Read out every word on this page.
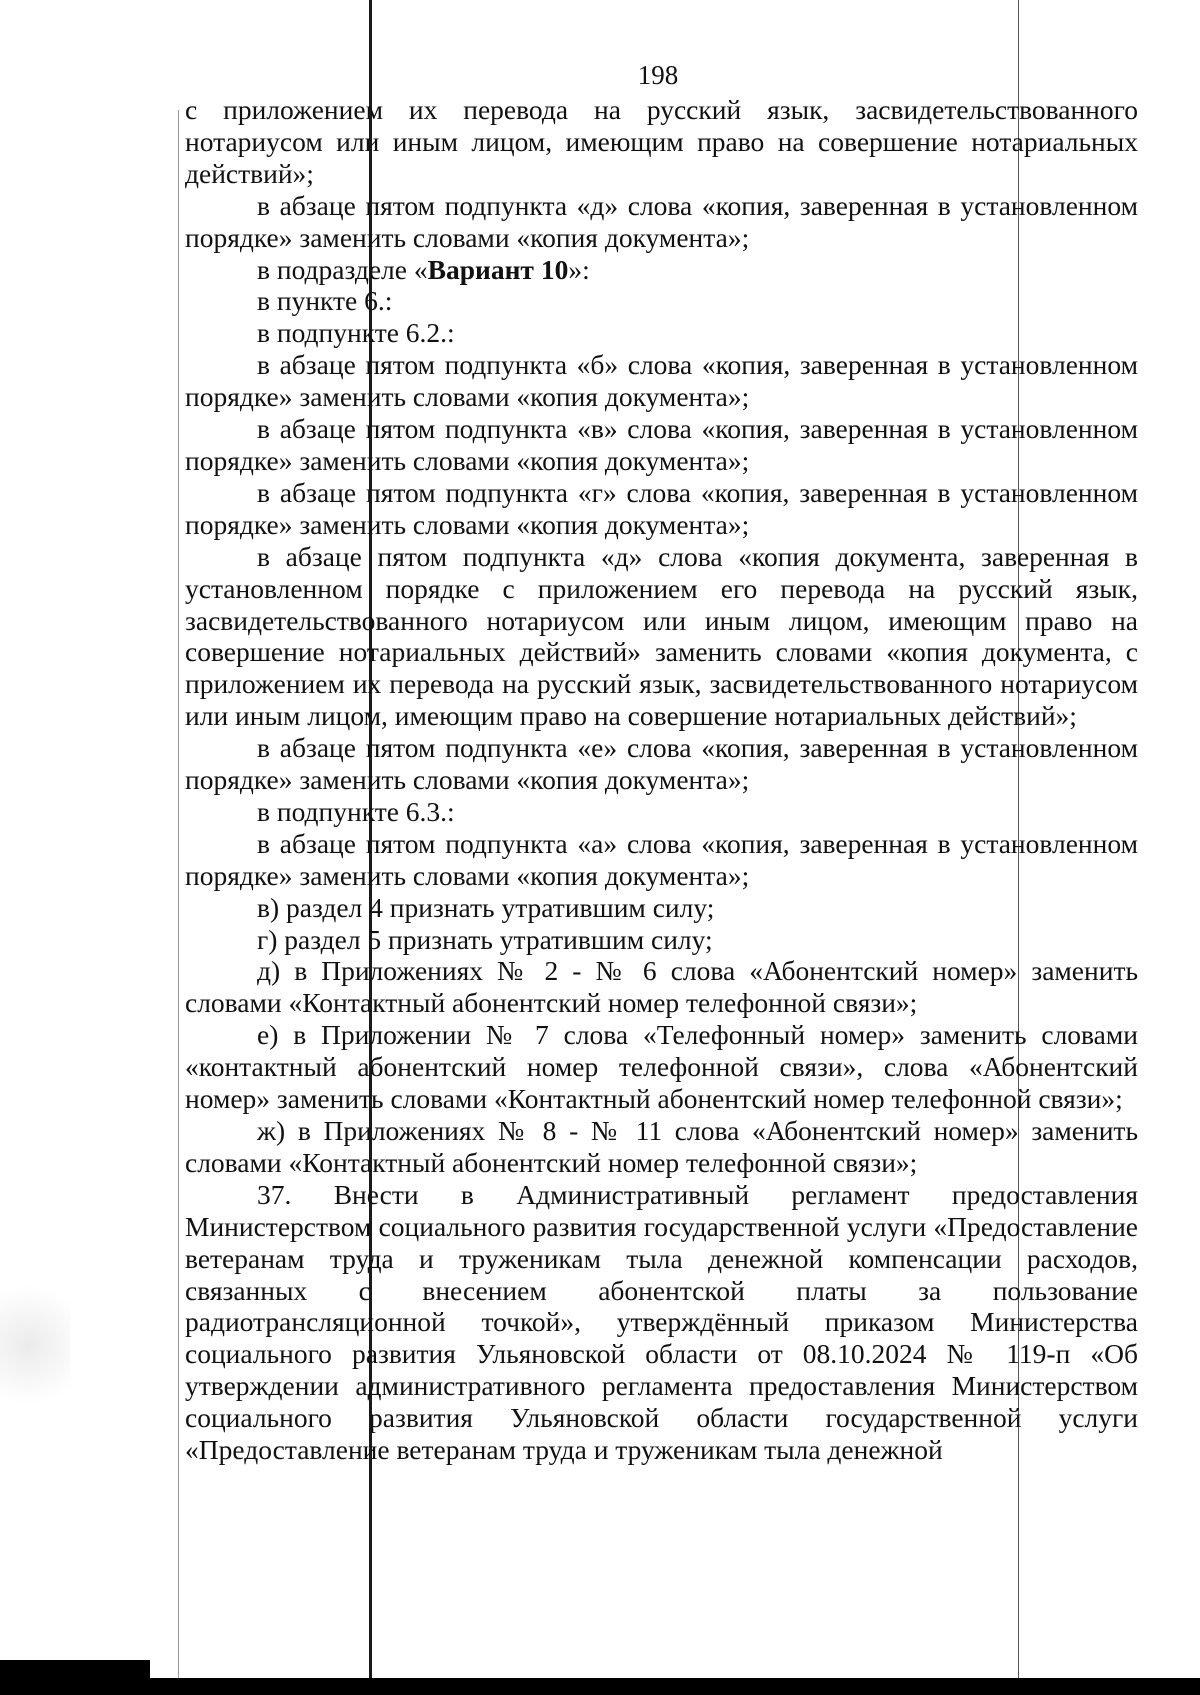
198

с приложением их перевода на русский язык, засвидетельствованного нотариусом или иным лицом, имеющим право на совершение нотариальных действий»;

в абзаце пятом подпункта «д» слова «копия, заверенная в установленном порядке» заменить словами «копия документа»;

в подразделе «Вариант 10»:

в пункте 6.:

в подпункте 6.2.:

в абзаце пятом подпункта «б» слова «копия, заверенная в установленном порядке» заменить словами «копия документа»;

в абзаце пятом подпункта «в» слова «копия, заверенная в установленном порядке» заменить словами «копия документа»;

в абзаце пятом подпункта «г» слова «копия, заверенная в установленном порядке» заменить словами «копия документа»;

в абзаце пятом подпункта «д» слова «копия документа, заверенная в установленном порядке с приложением его перевода на русский язык, засвидетельствованного нотариусом или иным лицом, имеющим право на совершение нотариальных действий» заменить словами «копия документа, с приложением их перевода на русский язык, засвидетельствованного нотариусом или иным лицом, имеющим право на совершение нотариальных действий»;

в абзаце пятом подпункта «е» слова «копия, заверенная в установленном порядке» заменить словами «копия документа»;

в подпункте 6.3.:

в абзаце пятом подпункта «а» слова «копия, заверенная в установленном порядке» заменить словами «копия документа»;

в) раздел 4 признать утратившим силу;

г) раздел 5 признать утратившим силу;

д) в Приложениях № 2 - № 6 слова «Абонентский номер» заменить словами «Контактный абонентский номер телефонной связи»;

е) в Приложении № 7 слова «Телефонный номер» заменить словами «контактный абонентский номер телефонной связи», слова «Абонентский номер» заменить словами «Контактный абонентский номер телефонной связи»;

ж) в Приложениях № 8 - № 11 слова «Абонентский номер» заменить словами «Контактный абонентский номер телефонной связи»;

37. Внести в Административный регламент предоставления Министерством социального развития государственной услуги «Предоставление ветеранам труда и труженикам тыла денежной компенсации расходов, связанных с внесением абонентской платы за пользование радиотрансляционной точкой», утверждённый приказом Министерства социального развития Ульяновской области от 08.10.2024 № 119-п «Об утверждении административного регламента предоставления Министерством социального развития Ульяновской области государственной услуги «Предоставление ветеранам труда и труженикам тыла денежной
